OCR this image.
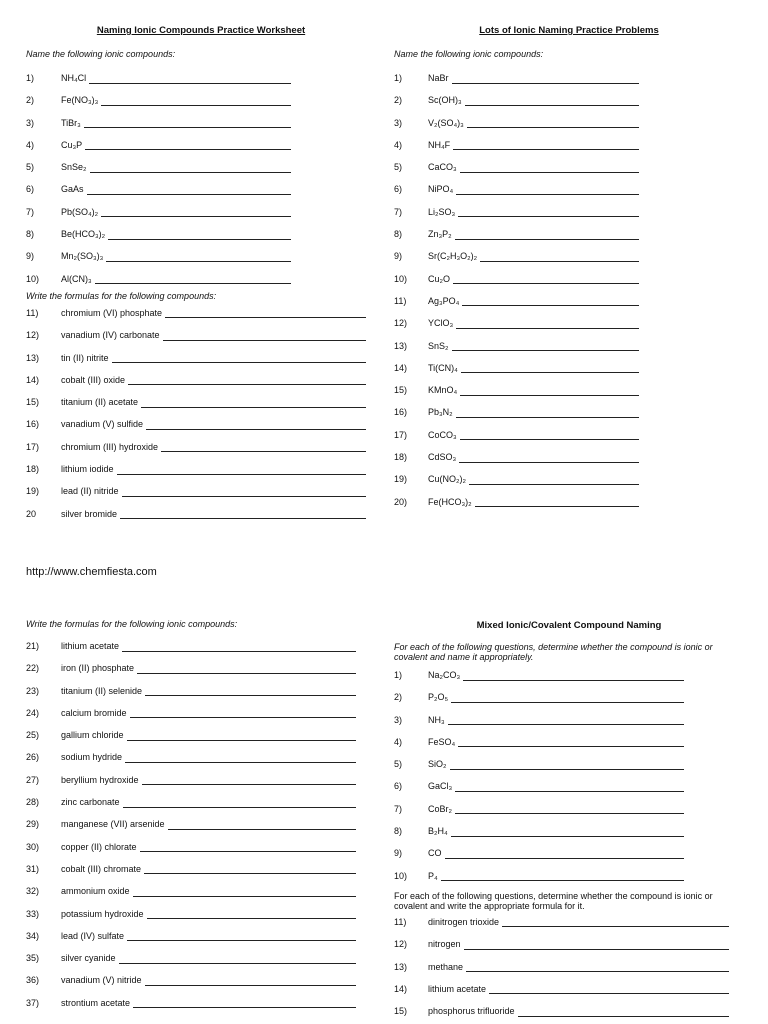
Naming Ionic Compounds Practice Worksheet
Name the following ionic compounds:
1)	NH₄Cl
2)	Fe(NO₃)₃
3)	TiBr₃
4)	Cu₃P
5)	SnSe₂
6)	GaAs
7)	Pb(SO₄)₂
8)	Be(HCO₃)₂
9)	Mn₂(SO₃)₃
10) Al(CN)₃
Write the formulas for the following compounds:
11)	chromium (VI) phosphate
12) vanadium (IV) carbonate
13) tin (II) nitrite
14) cobalt (III) oxide
15) titanium (II) acetate
16) vanadium (V) sulfide
17) chromium (III) hydroxide
18) lithium iodide
19) lead (II) nitride
20	silver bromide
Lots of Ionic Naming Practice Problems
Name the following ionic compounds:
1)	NaBr
2)	Sc(OH)₃
3)	V₂(SO₄)₃
4)	NH₄F
5)	CaCO₃
6)	NiPO₄
7)	Li₂SO₃
8)	Zn₃P₂
9)	Sr(C₂H₃O₂)₂
10) Cu₂O
11) Ag₃PO₄
12) YClO₃
13) SnS₂
14) Ti(CN)₄
15) KMnO₄
16) Pb₃N₂
17) CoCO₃
18) CdSO₃
19) Cu(NO₂)₂
20) Fe(HCO₃)₂
http://www.chemfiesta.com
Write the formulas for the following ionic compounds:
21) lithium acetate
22) iron (II) phosphate
23) titanium (II) selenide
24) calcium bromide
25) gallium chloride
26) sodium hydride
27) beryllium hydroxide
28) zinc carbonate
29) manganese (VII) arsenide
30) copper (II) chlorate
31) cobalt (III) chromate
32) ammonium oxide
33) potassium hydroxide
34) lead (IV) sulfate
35) silver cyanide
36) vanadium (V) nitride
37) strontium acetate
Mixed Ionic/Covalent Compound Naming
For each of the following questions, determine whether the compound is ionic or covalent and name it appropriately.
1)	Na₂CO₃
2)	P₂O₅
3)	NH₃
4)	FeSO₄
5)	SiO₂
6)	GaCl₃
7)	CoBr₂
8)	B₂H₄
9)	CO
10) P₄
For each of the following questions, determine whether the compound is ionic or covalent and write the appropriate formula for it.
11) dinitrogen trioxide
12) nitrogen
13) methane
14) lithium acetate
15) phosphorus trifluoride
